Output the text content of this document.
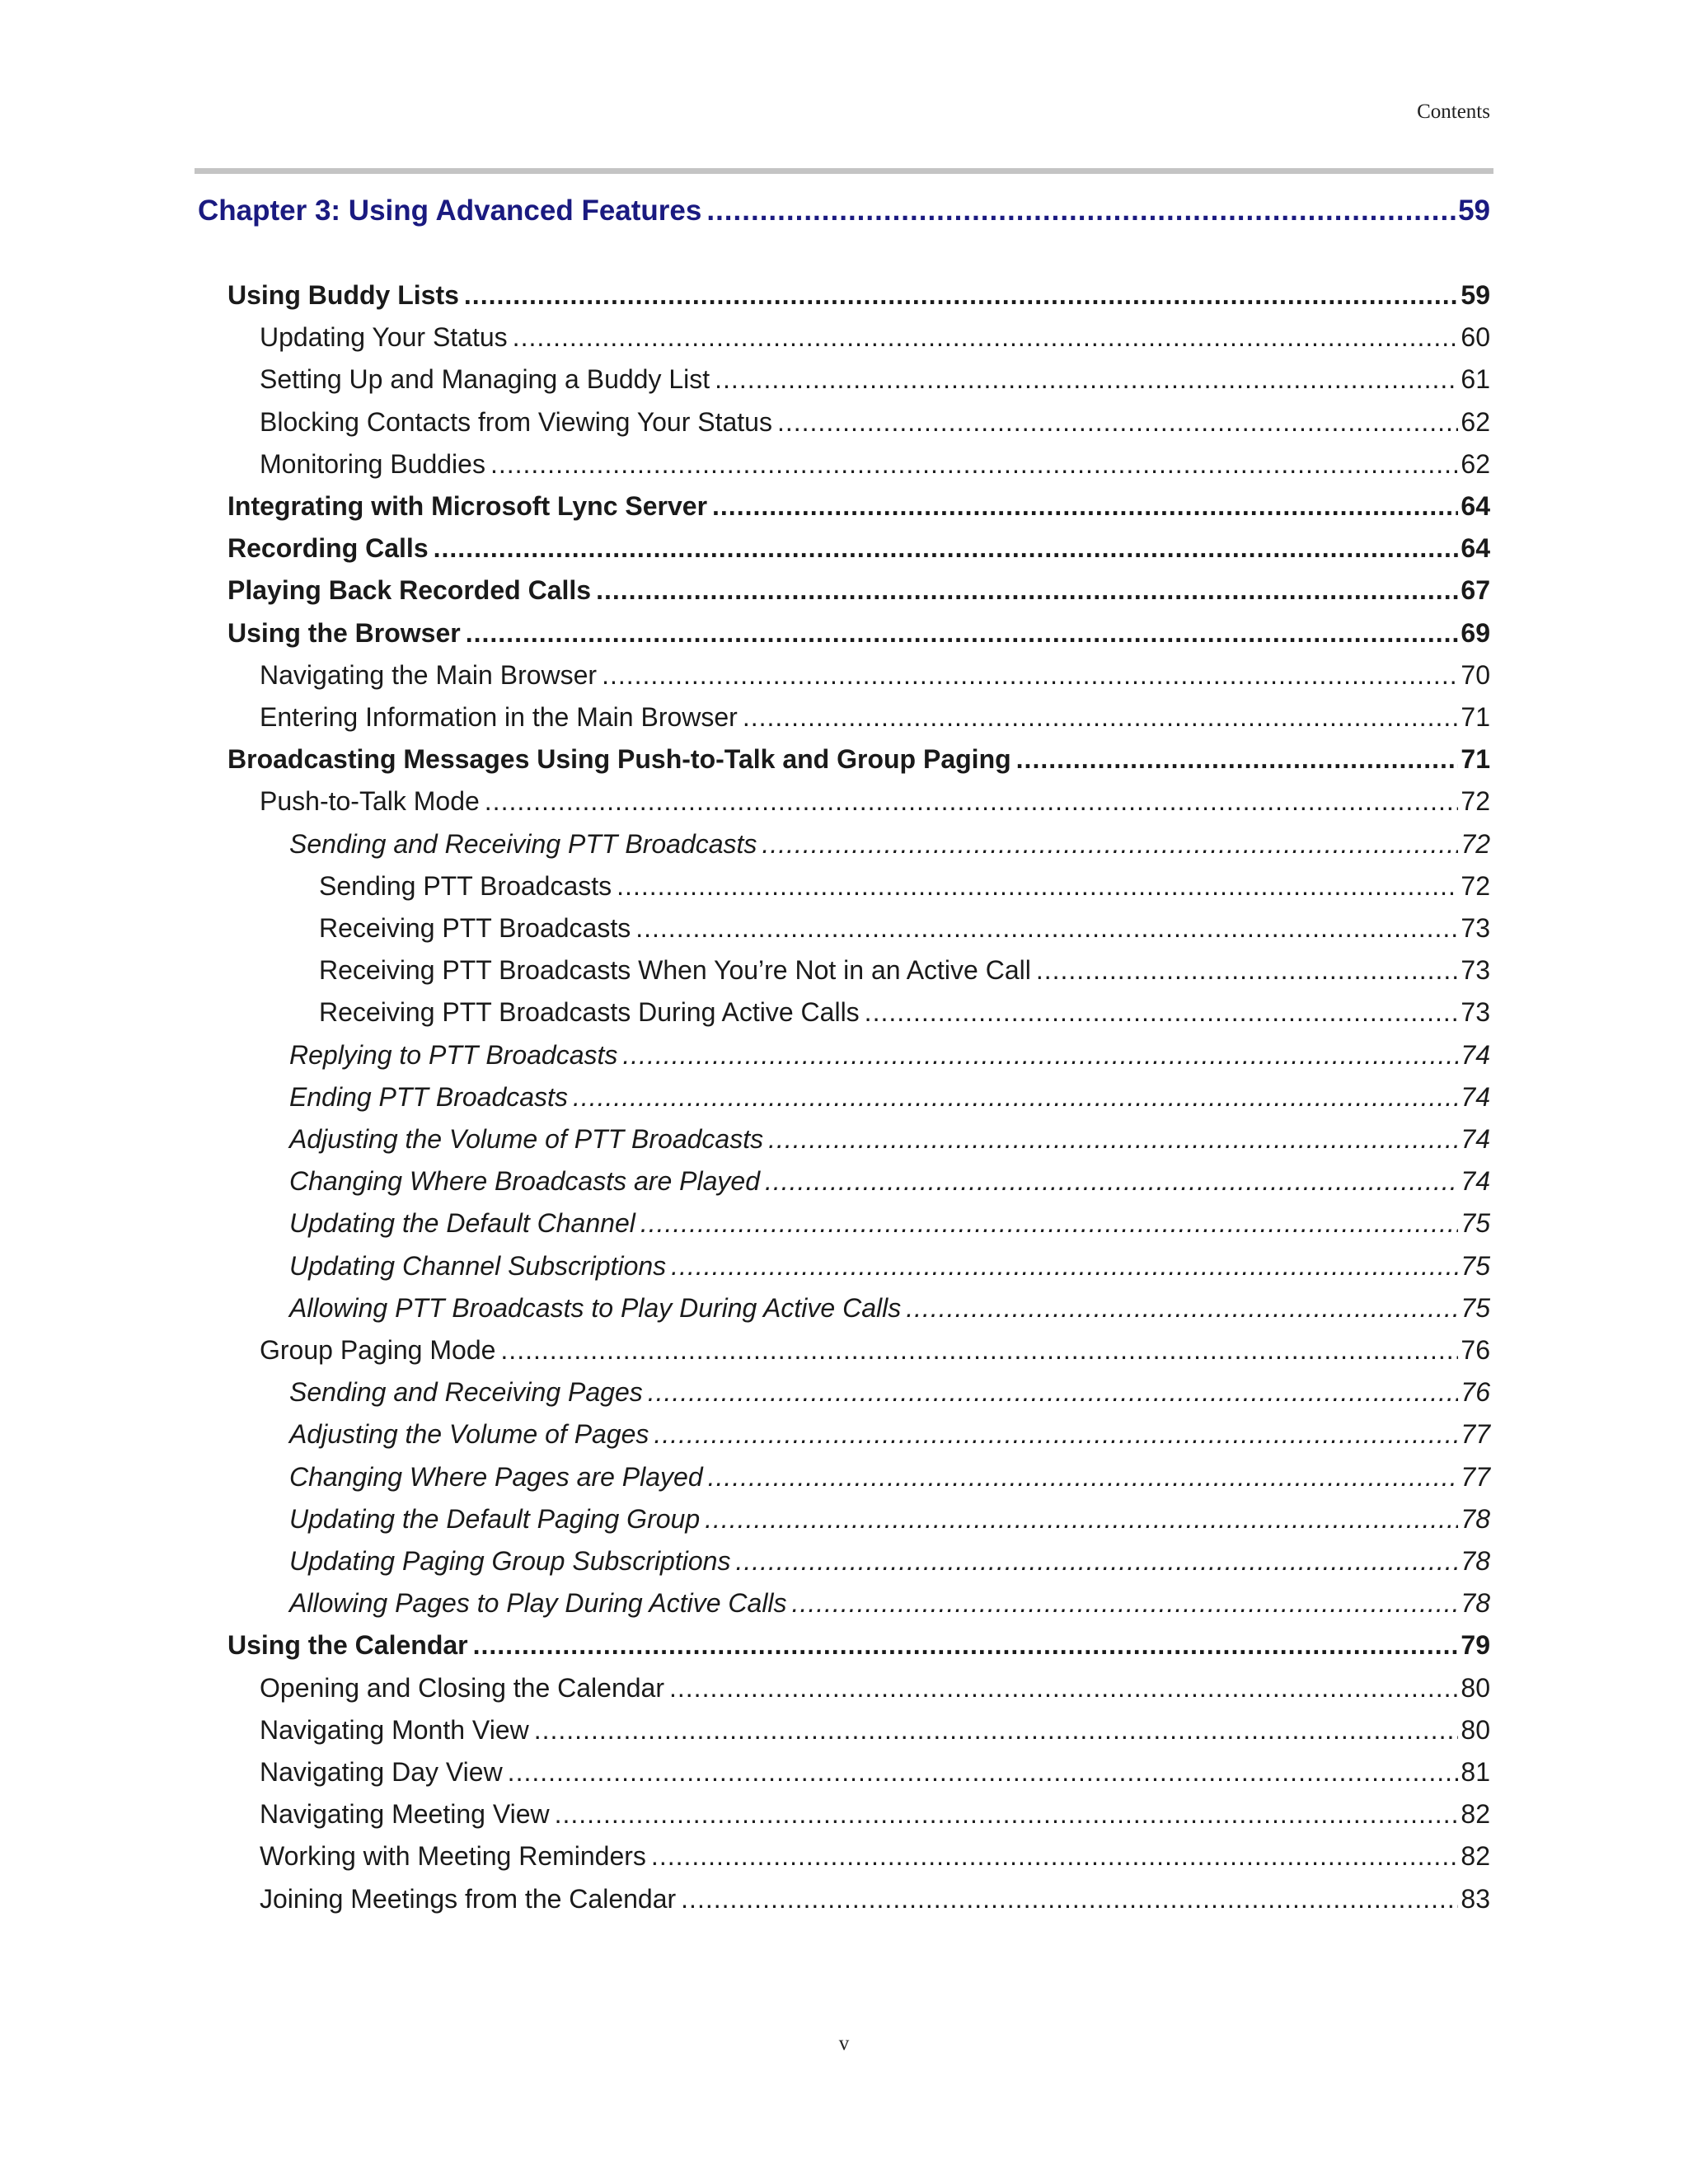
Contents
Chapter 3: Using Advanced Features .....	59
Using Buddy Lists .....	59
Updating Your Status .....	60
Setting Up and Managing a Buddy List .....	61
Blocking Contacts from Viewing Your Status .....	62
Monitoring Buddies .....	62
Integrating with Microsoft Lync Server .....	64
Recording Calls .....	64
Playing Back Recorded Calls .....	67
Using the Browser .....	69
Navigating the Main Browser .....	70
Entering Information in the Main Browser .....	71
Broadcasting Messages Using Push-to-Talk and Group Paging .....	71
Push-to-Talk Mode .....	72
Sending and Receiving PTT Broadcasts .....	72
Sending PTT Broadcasts .....	72
Receiving PTT Broadcasts .....	73
Receiving PTT Broadcasts When You’re Not in an Active Call .....	73
Receiving PTT Broadcasts During Active Calls .....	73
Replying to PTT Broadcasts .....	74
Ending PTT Broadcasts .....	74
Adjusting the Volume of PTT Broadcasts .....	74
Changing Where Broadcasts are Played .....	74
Updating the Default Channel .....	75
Updating Channel Subscriptions .....	75
Allowing PTT Broadcasts to Play During Active Calls .....	75
Group Paging Mode .....	76
Sending and Receiving Pages .....	76
Adjusting the Volume of Pages .....	77
Changing Where Pages are Played .....	77
Updating the Default Paging Group .....	78
Updating Paging Group Subscriptions .....	78
Allowing Pages to Play During Active Calls .....	78
Using the Calendar .....	79
Opening and Closing the Calendar .....	80
Navigating Month View .....	80
Navigating Day View .....	81
Navigating Meeting View .....	82
Working with Meeting Reminders .....	82
Joining Meetings from the Calendar .....	83
v
